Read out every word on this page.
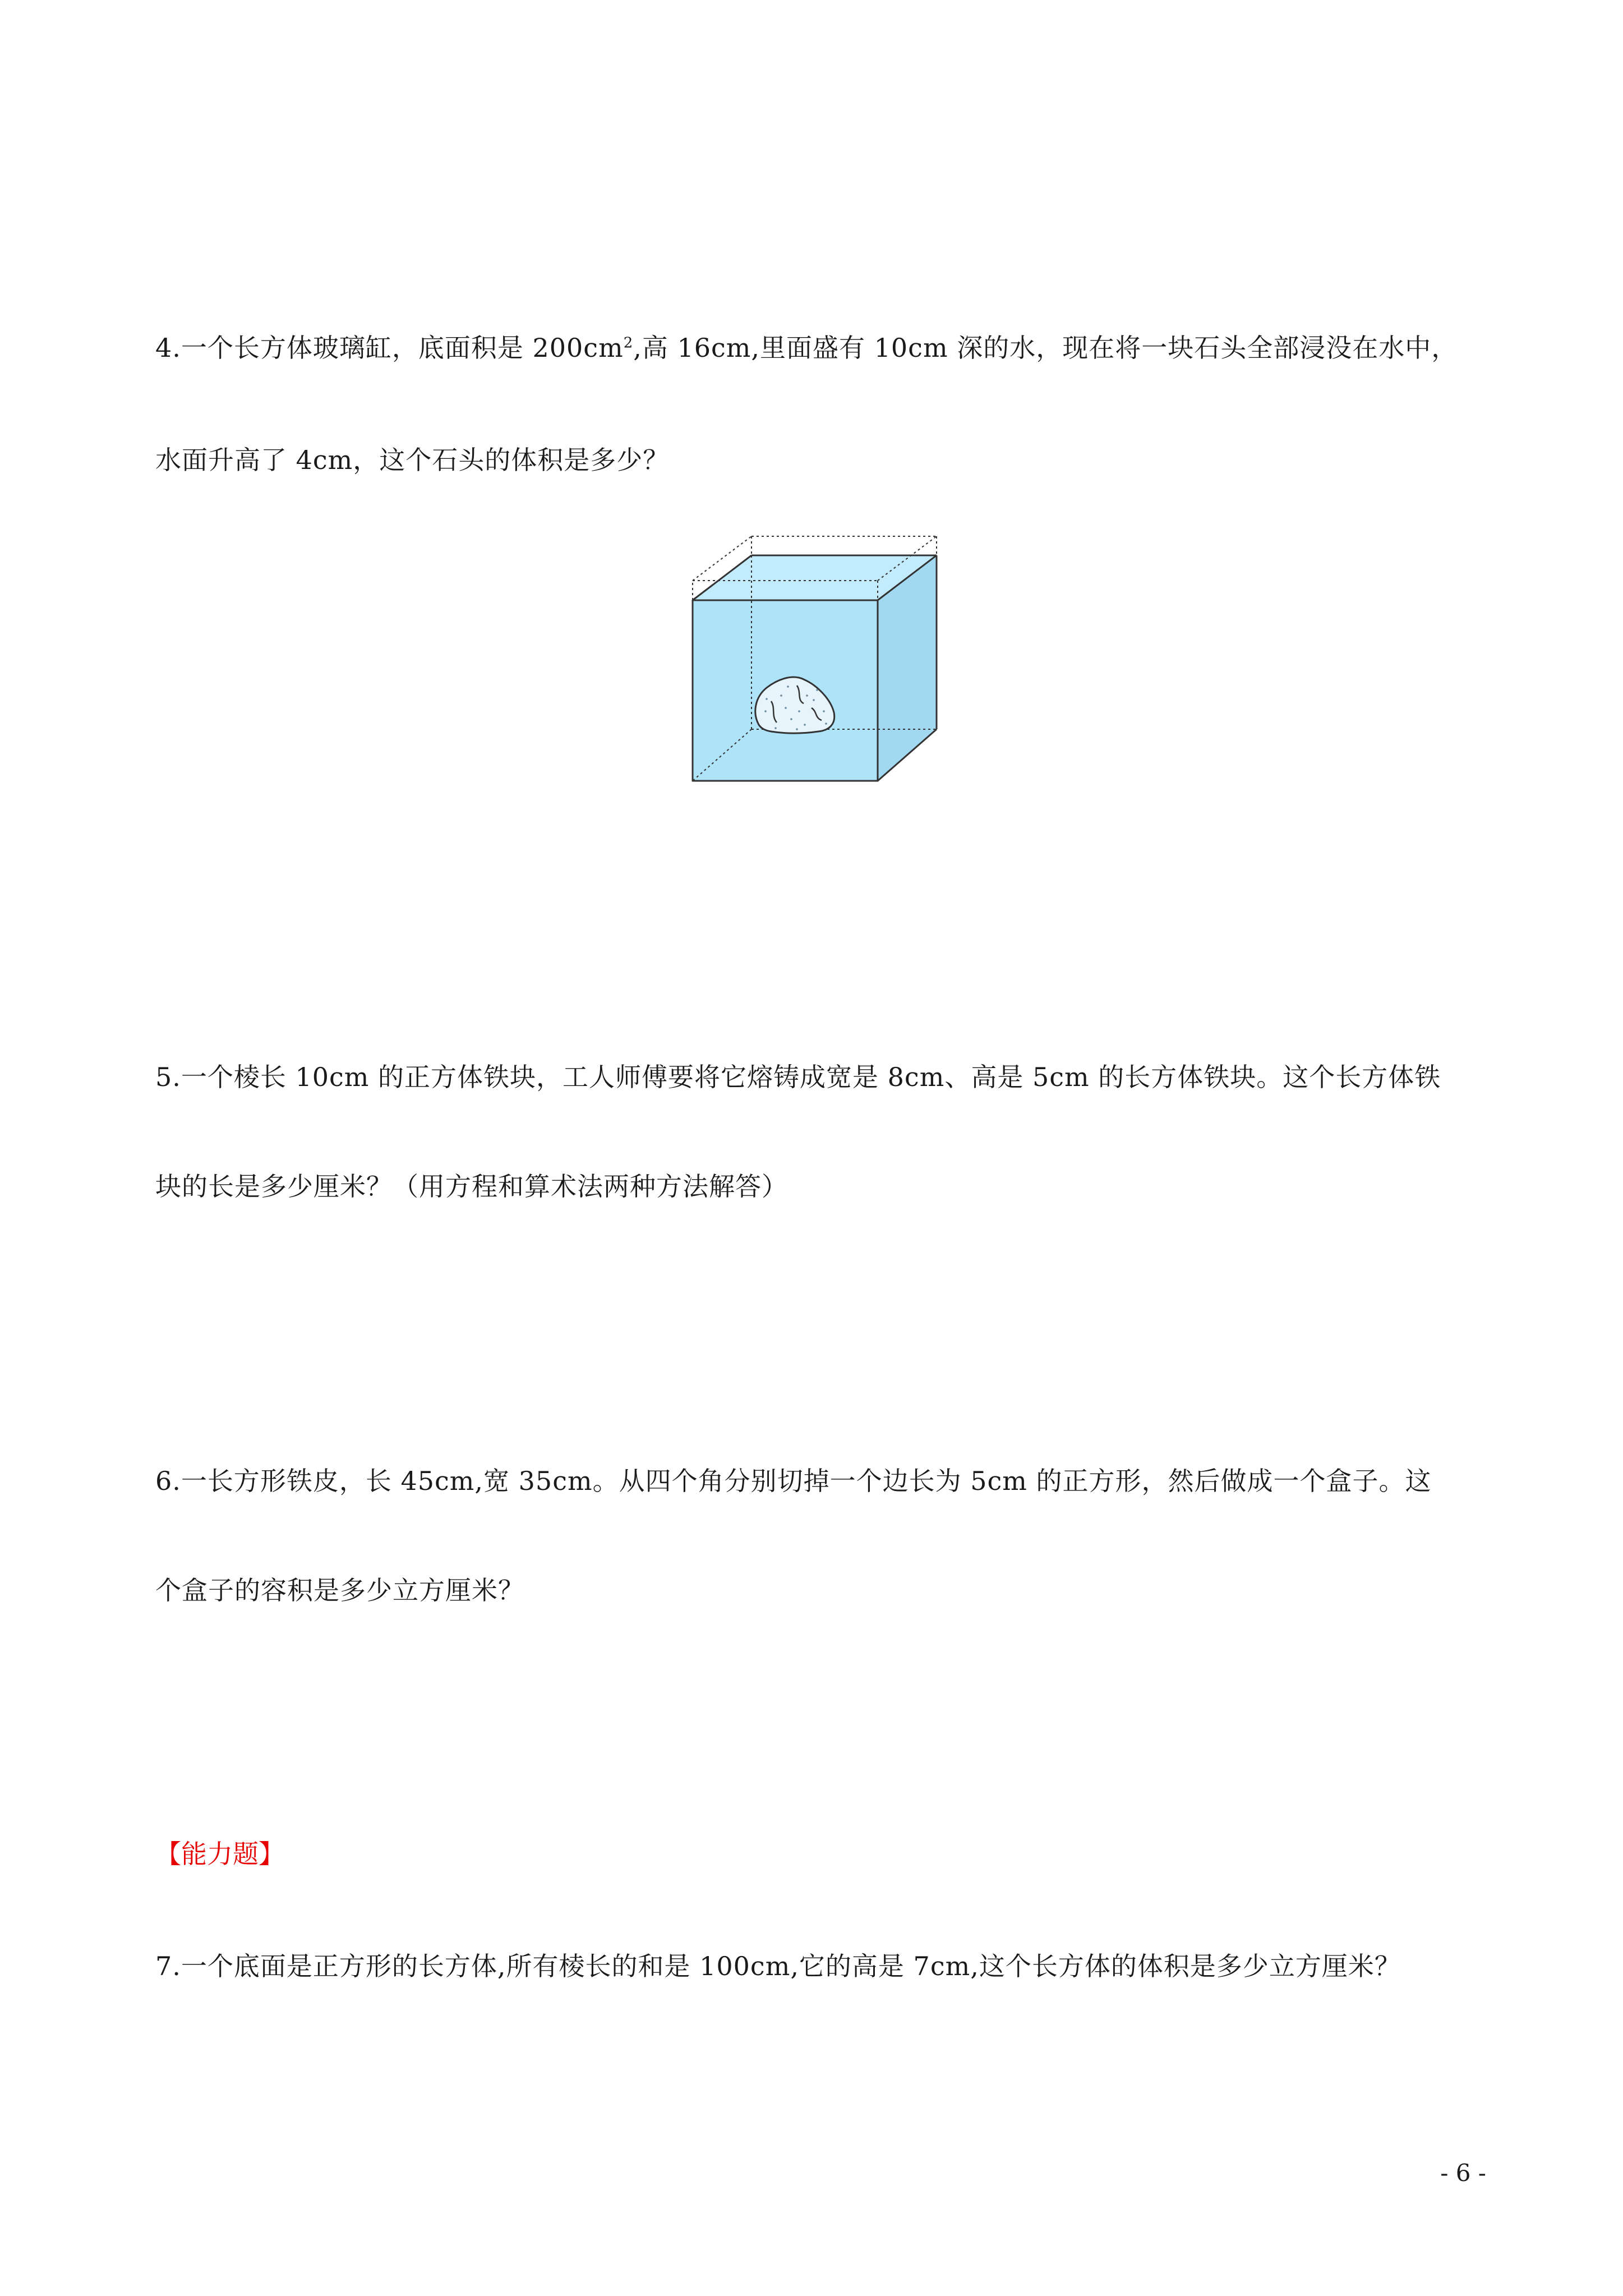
4.一个长方体玻璃缸，底面积是 $200cm^2$,高 16cm,里面盛有 10cm 深的水，现在将一块石头全部浸没在水中，
水面升高了 4cm，这个石头的体积是多少？
5.一个棱长 10cm 的正方体铁块，工人师傅要将它熔铸成宽是 8cm、高是 5cm 的长方体铁块。这个长方体铁
块的长是多少厘米？（用方程和算术法两种方法解答）
6.一长方形铁皮，长 45cm,宽 35cm。从四个角分别切掉一个边长为 5cm 的正方形，然后做成一个盒子。这
个盒子的容积是多少立方厘米？
【能力题】
7.一个底面是正方形的长方体,所有棱长的和是 100cm,它的高是 7cm,这个长方体的体积是多少立方厘米？
- 6 -
